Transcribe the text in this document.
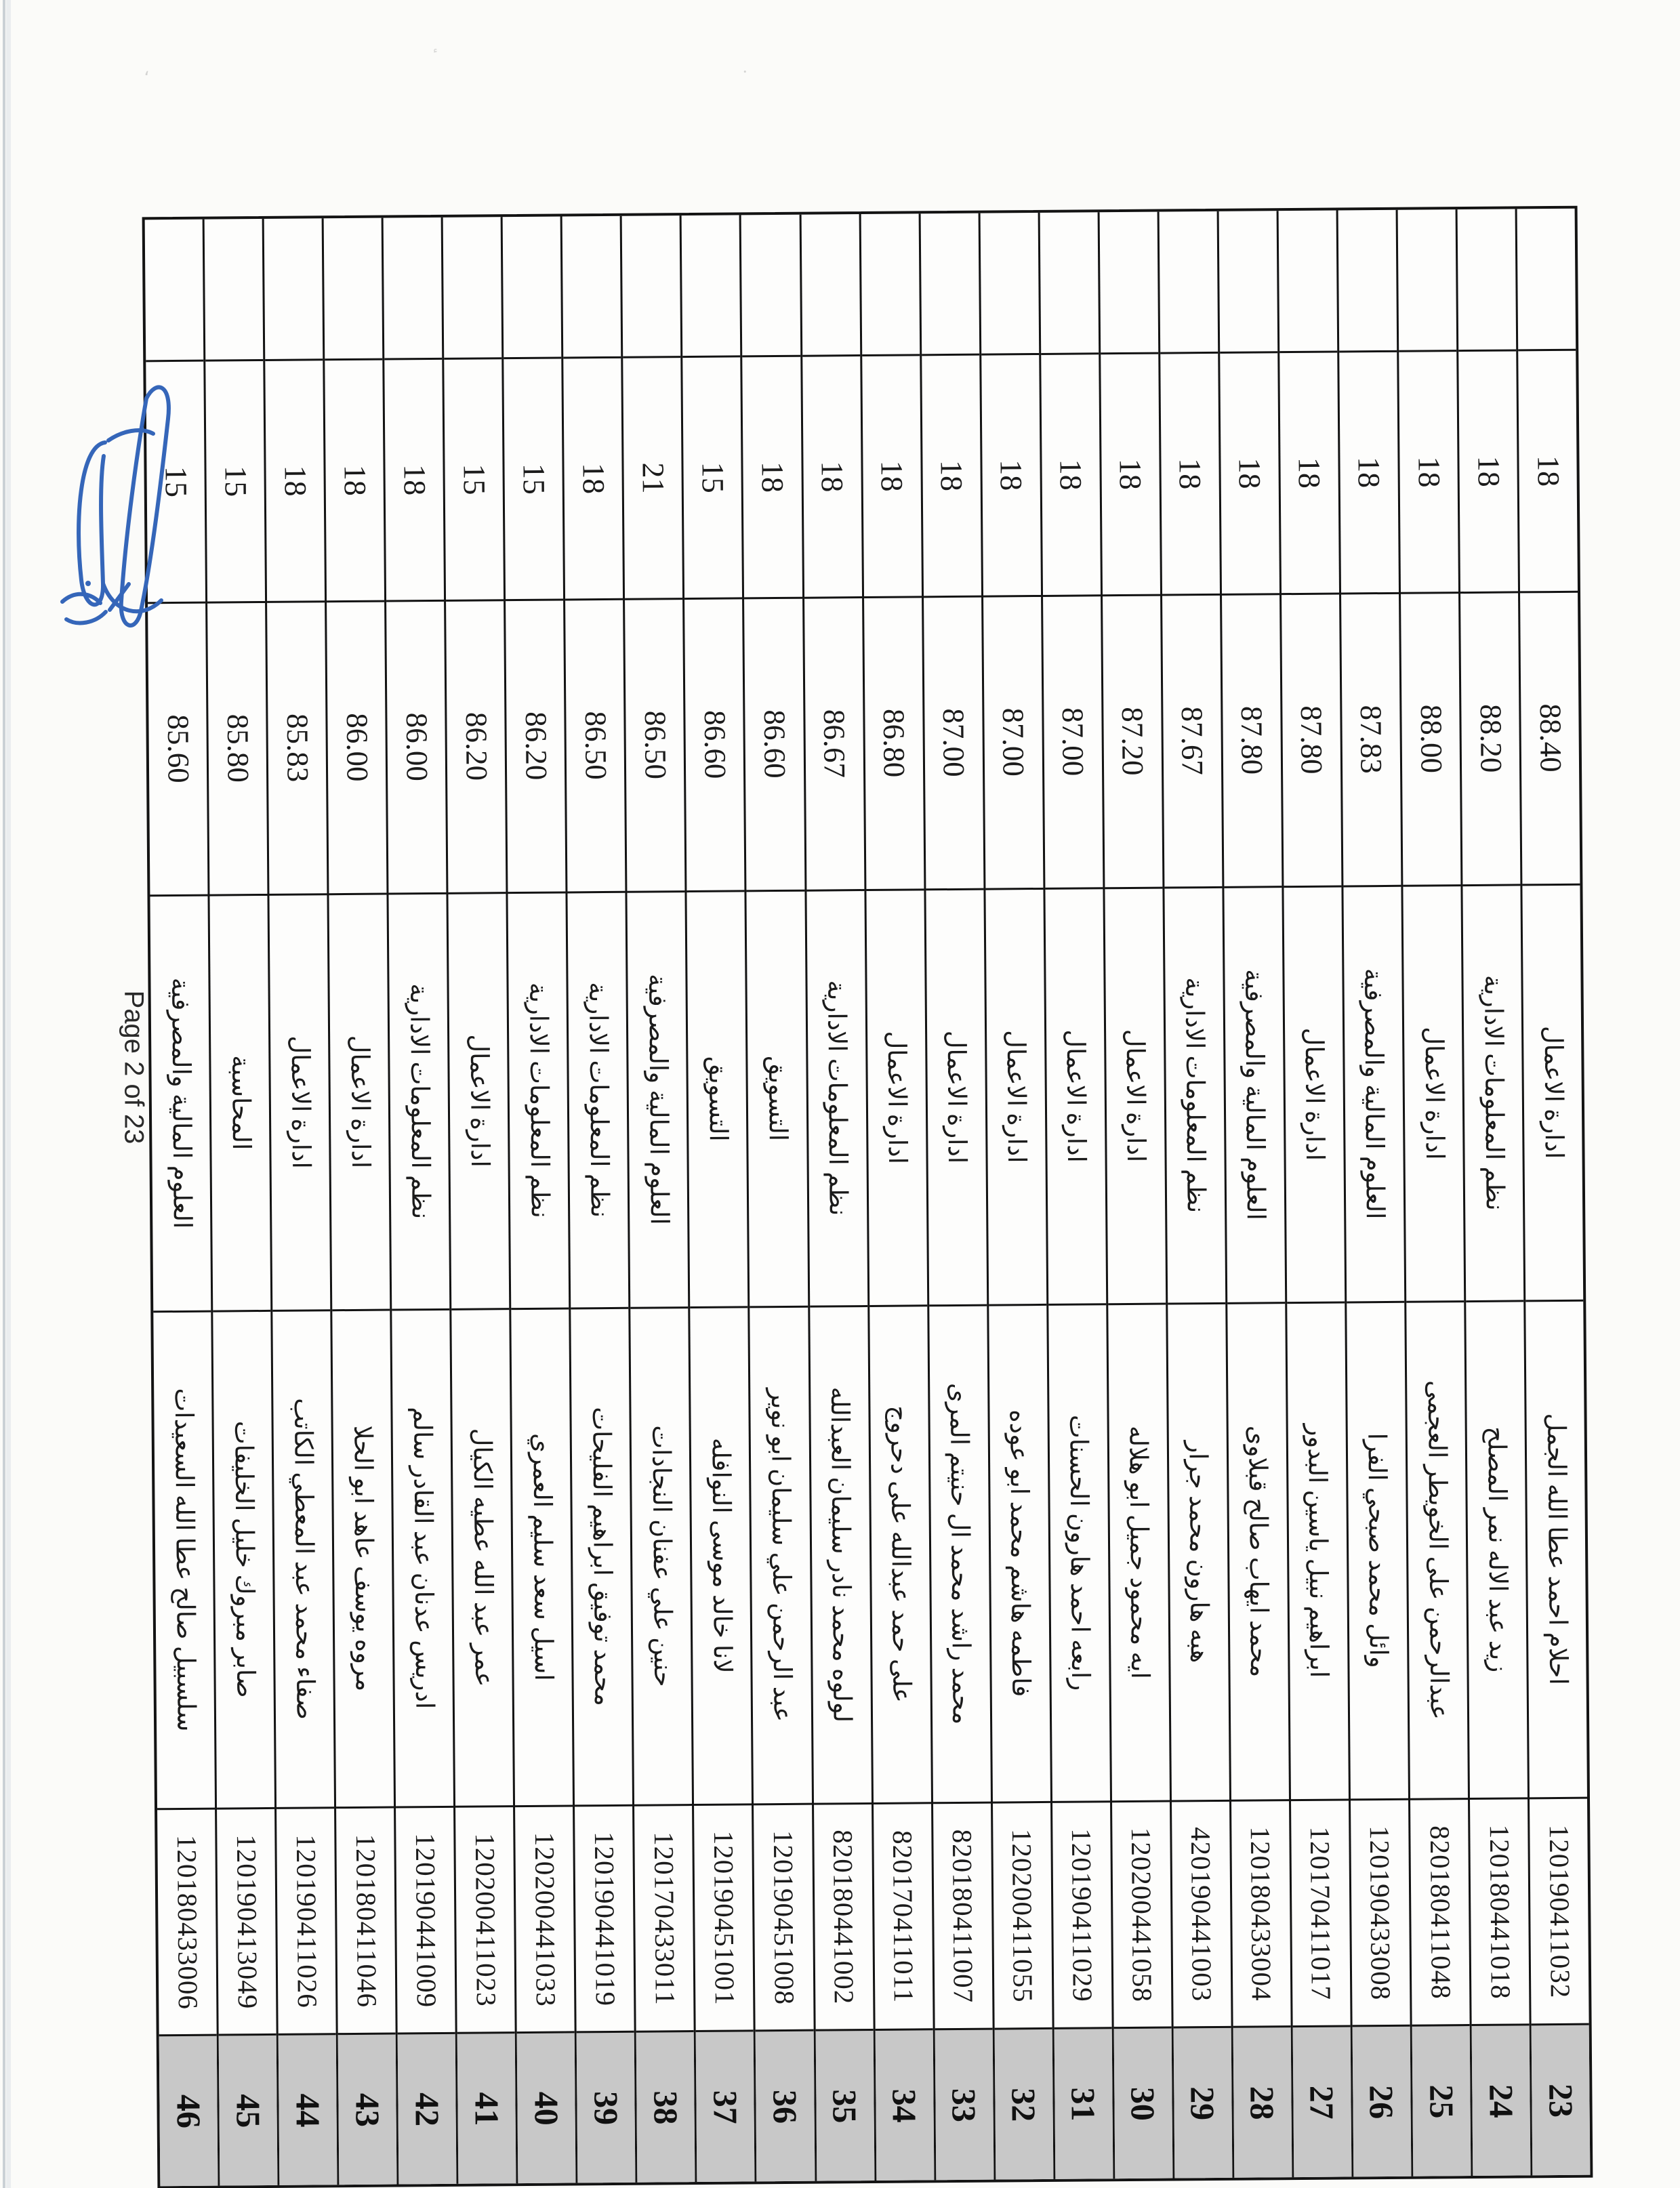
،	.
15
85.60
العلوم المالية والمصرفية
سلسبيل صالح عطا الله السعيدات
120180433006
46
15
85.80
المحاسبة
صابر مبروك خليل الخليفات
120190413049
45
18
85.83
ادارة الاعمال
صفاء محمد عبد المعطي الكاتب
120190411026
44
18
86.00
ادارة الاعمال
مروه يوسف عاهد ابو الحلا
120180411046
43
18
86.00
نظم المعلومات الادارية
ادريس عدنان عبد القادر سالم
120190441009
42
15
86.20
ادارة الاعمال
عمر عبد الله عطيه الكيال
120200411023
41
15
86.20
نظم المعلومات الادارية
اسيل سعد سليم العمري
120200441033
40
18
86.50
نظم المعلومات الادارية
محمد توفيق ابراهيم الفليحات
120190441019
39
21
86.50
العلوم المالية والمصرفية
حنين علي عفنان النجادات
120170433011
38
15
86.60
التسويق
لانا خالد موسى النوافله
120190451001
37
18
86.60
التسويق
عبد الرحمن علي سليمان ابو نوير
120190451008
36
18
86.67
نظم المعلومات الادارية
لولوه محمد نادر سليمان العبدالله
820180441002
35
18
86.80
ادارة الاعمال
على حمد عبدالله على دحروج
820170411011
34
18
87.00
ادارة الاعمال
محمد راشد محمد ال حنيتم المرى
820180411007
33
18
87.00
ادارة الاعمال
فاطمه هاشم محمد ابو عوده
120200411055
32
18
87.00
ادارة الاعمال
رابعه احمد هارون الحسنات
120190411029
31
18
87.20
ادارة الاعمال
ايه محمود جميل ابو هلاله
120200441058
30
18
87.67
نظم المعلومات الادارية
هبه هارون محمد جرار
420190441003
29
18
87.80
العلوم المالية والمصرفية
محمد ايهاب صالح قبلاوى
120180433004
28
18
87.80
ادارة الاعمال
ابراهيم نبيل ياسين البدور
120170411017
27
18
87.83
العلوم المالية والمصرفية
وائل محمد صبحي الفرا
120190433008
26
18
88.00
ادارة الاعمال
عبدالرحمن على الخويطر العجمى
820180411048
25
18
88.20
نظم المعلومات الادارية
زيد عبد الاله نمر المصلح
120180441018
24
18
88.40
ادارة الاعمال
احلام احمد عطا الله الجمل
120190411032
23
Page 2 of 23
